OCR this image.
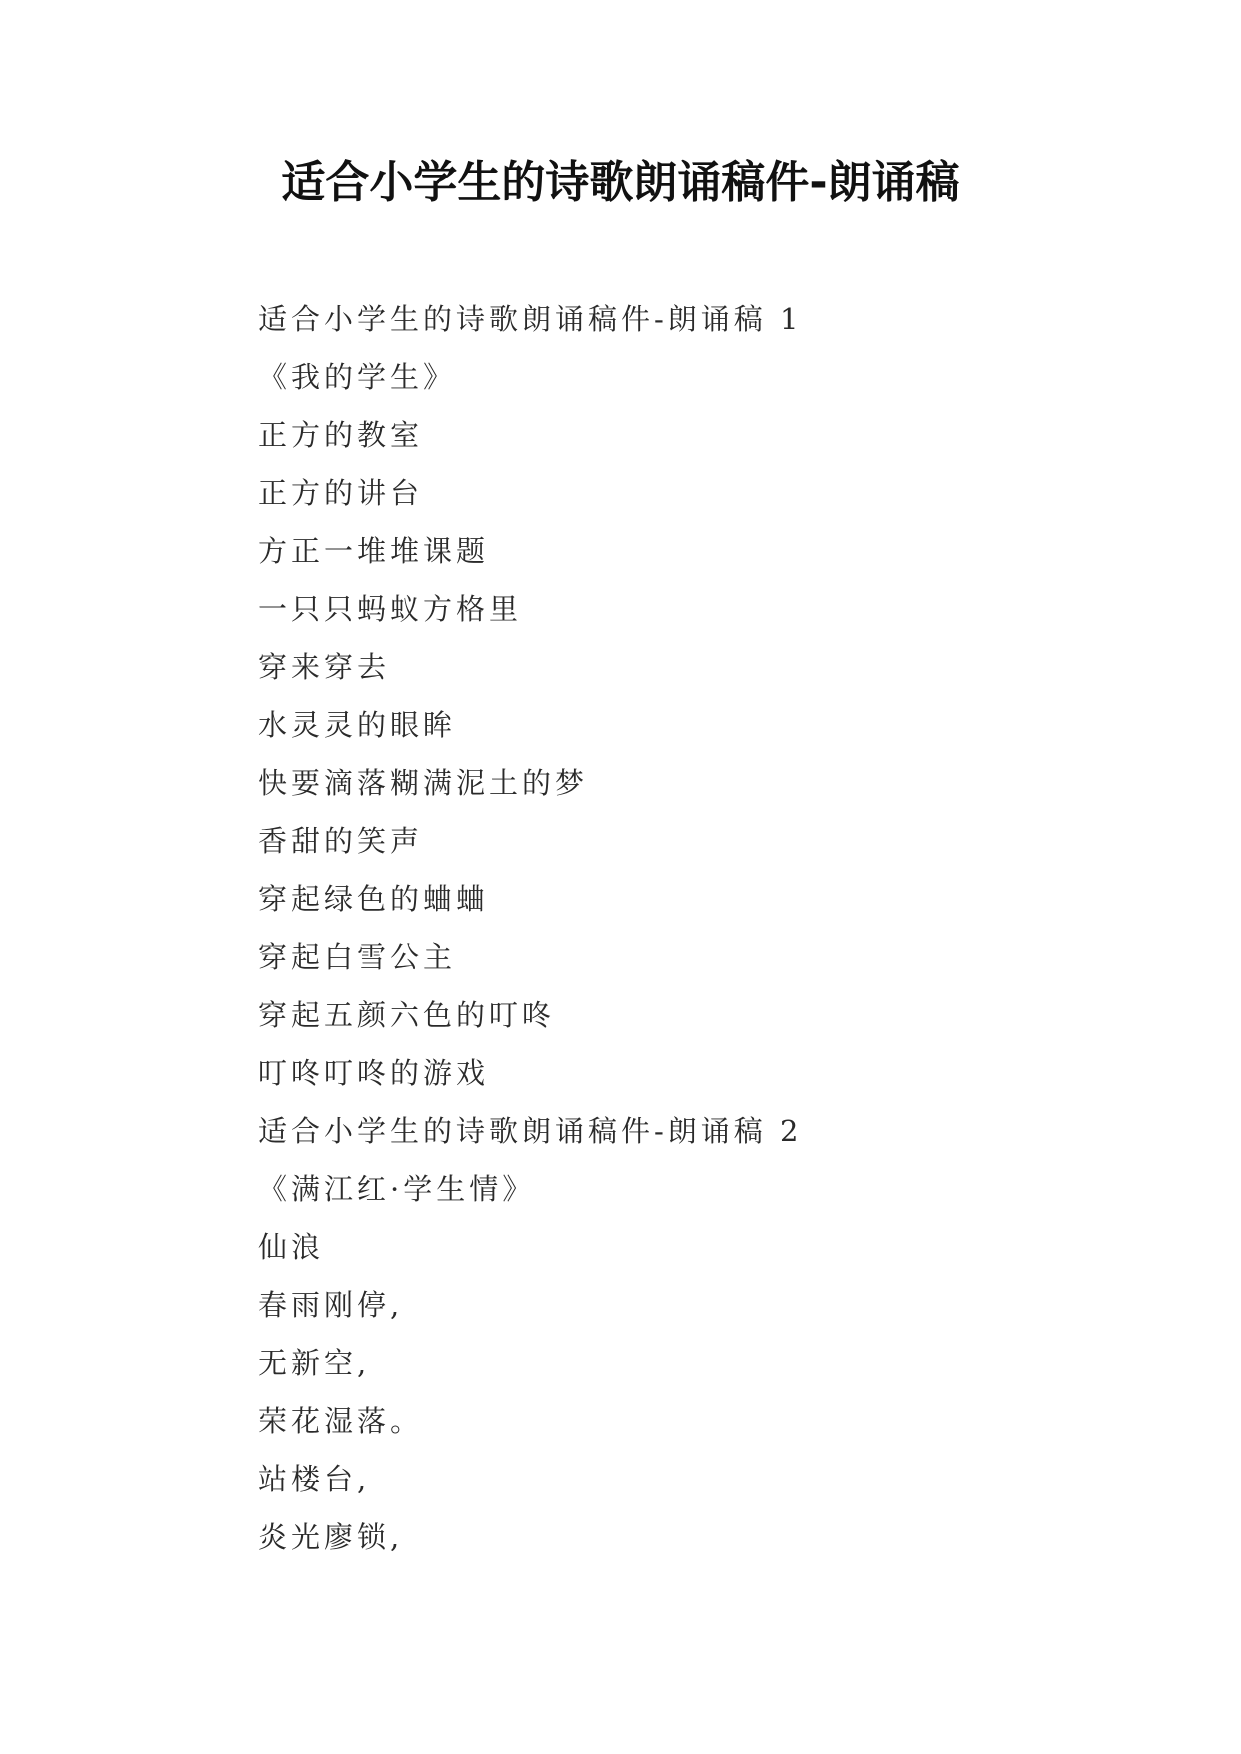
适合小学生的诗歌朗诵稿件-朗诵稿
适合小学生的诗歌朗诵稿件-朗诵稿 1
《我的学生》
正方的教室
正方的讲台
方正一堆堆课题
一只只蚂蚁方格里
穿来穿去
水灵灵的眼眸
快要滴落糊满泥土的梦
香甜的笑声
穿起绿色的蛐蛐
穿起白雪公主
穿起五颜六色的叮咚
叮咚叮咚的游戏
适合小学生的诗歌朗诵稿件-朗诵稿 2
《满江红·学生情》
仙浪
春雨刚停,
无新空,
荣花湿落。
站楼台,
炎光廖锁,
